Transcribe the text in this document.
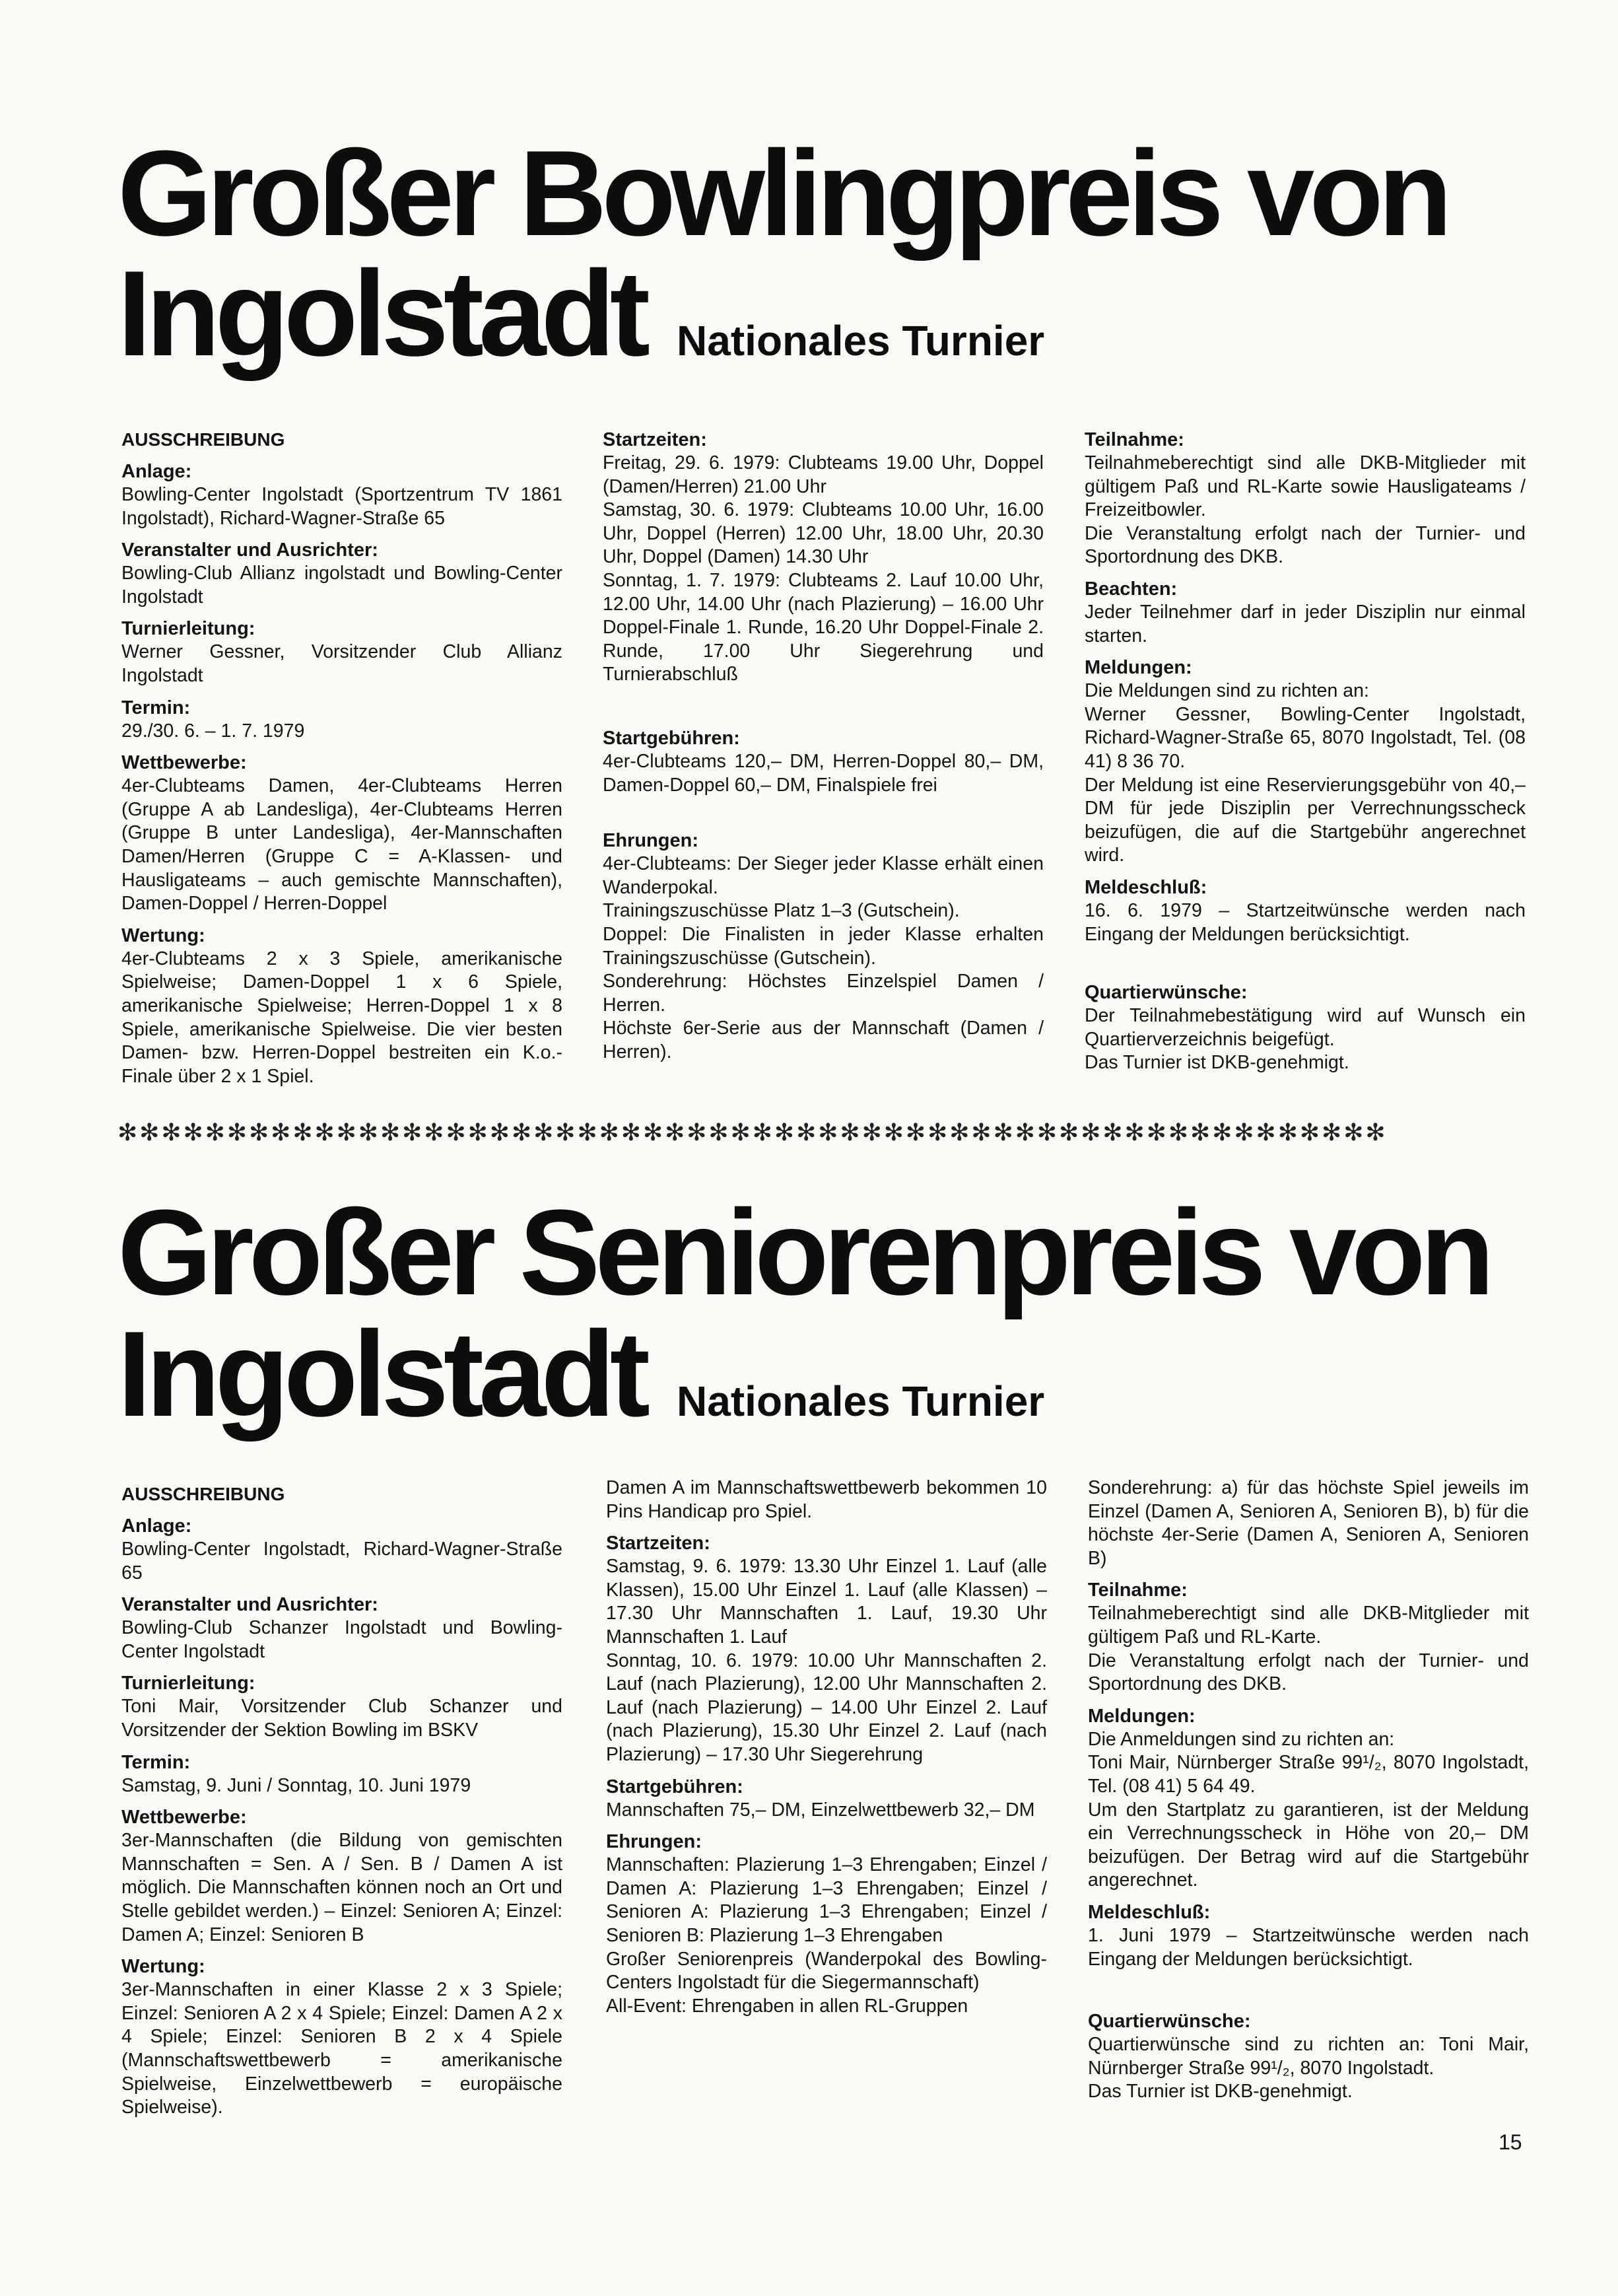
Großer Bowlingpreis von
Ingolstadt Nationales Turnier
AUSSCHREIBUNG
Anlage:

Bowling-Center Ingolstadt (Sportzentrum TV 1861 Ingolstadt), Richard-Wagner-Straße 65

Veranstalter und Ausrichter:

Bowling-Club Allianz ingolstadt und Bowling-Center Ingolstadt

Turnierleitung:

Werner Gessner, Vorsitzender Club Allianz Ingolstadt

Termin:

29./30. 6. – 1. 7. 1979

Wettbewerbe:

4er-Clubteams Damen, 4er-Clubteams Herren (Gruppe A ab Landesliga), 4er-Clubteams Herren (Gruppe B unter Landesliga), 4er-Mannschaften Damen/Herren (Gruppe C = A-Klassen- und Hausligateams – auch gemischte Mannschaften), Damen-Doppel / Herren-Doppel

Wertung:

4er-Clubteams 2 x 3 Spiele, amerikanische Spielweise; Damen-Doppel 1 x 6 Spiele, amerikanische Spielweise; Herren-Doppel 1 x 8 Spiele, amerikanische Spielweise. Die vier besten Damen- bzw. Herren-Doppel bestreiten ein K.o.-Finale über 2 x 1 Spiel.

Startzeiten:

Freitag, 29. 6. 1979: Clubteams 19.00 Uhr, Doppel (Damen/Herren) 21.00 Uhr

Samstag, 30. 6. 1979: Clubteams 10.00 Uhr, 16.00 Uhr, Doppel (Herren) 12.00 Uhr, 18.00 Uhr, 20.30 Uhr, Doppel (Damen) 14.30 Uhr

Sonntag, 1. 7. 1979: Clubteams 2. Lauf 10.00 Uhr, 12.00 Uhr, 14.00 Uhr (nach Plazierung) – 16.00 Uhr Doppel-Finale 1. Runde, 16.20 Uhr Doppel-Finale 2. Runde, 17.00 Uhr Siegerehrung und Turnierabschluß

Startgebühren:

4er-Clubteams 120,– DM, Herren-Doppel 80,– DM, Damen-Doppel 60,– DM, Finalspiele frei

Ehrungen:

4er-Clubteams: Der Sieger jeder Klasse erhält einen Wanderpokal.

Trainingszuschüsse Platz 1–3 (Gutschein).

Doppel: Die Finalisten in jeder Klasse erhalten Trainingszuschüsse (Gutschein).

Sonderehrung: Höchstes Einzelspiel Damen / Herren.

Höchste 6er-Serie aus der Mannschaft (Damen / Herren).

Teilnahme:

Teilnahmeberechtigt sind alle DKB-Mitglieder mit gültigem Paß und RL-Karte sowie Hausligateams / Freizeitbowler.

Die Veranstaltung erfolgt nach der Turnier- und Sportordnung des DKB.

Beachten:

Jeder Teilnehmer darf in jeder Disziplin nur einmal starten.

Meldungen:

Die Meldungen sind zu richten an:

Werner Gessner, Bowling-Center Ingolstadt, Richard-Wagner-Straße 65, 8070 Ingolstadt, Tel. (08 41) 8 36 70.

Der Meldung ist eine Reservierungsgebühr von 40,– DM für jede Disziplin per Verrechnungsscheck beizufügen, die auf die Startgebühr angerechnet wird.

Meldeschluß:

16. 6. 1979 – Startzeitwünsche werden nach Eingang der Meldungen berücksichtigt.

Quartierwünsche:

Der Teilnahmebestätigung wird auf Wunsch ein Quartierverzeichnis beigefügt.

Das Turnier ist DKB-genehmigt.

✻✻✻✻✻✻✻✻✻✻✻✻✻✻✻✻✻✻✻✻✻✻✻✻✻✻✻✻✻✻✻✻✻✻✻✻✻✻✻✻✻✻✻✻✻✻✻✻✻✻✻✻✻✻✻✻✻✻
Großer Seniorenpreis von
Ingolstadt Nationales Turnier
AUSSCHREIBUNG
Anlage:

Bowling-Center Ingolstadt, Richard-Wagner-Straße 65

Veranstalter und Ausrichter:

Bowling-Club Schanzer Ingolstadt und Bowling-Center Ingolstadt

Turnierleitung:

Toni Mair, Vorsitzender Club Schanzer und Vorsitzender der Sektion Bowling im BSKV

Termin:

Samstag, 9. Juni / Sonntag, 10. Juni 1979

Wettbewerbe:

3er-Mannschaften (die Bildung von gemischten Mannschaften = Sen. A / Sen. B / Damen A ist möglich. Die Mannschaften können noch an Ort und Stelle gebildet werden.) – Einzel: Senioren A; Einzel: Damen A; Einzel: Senioren B

Wertung:

3er-Mannschaften in einer Klasse 2 x 3 Spiele; Einzel: Senioren A 2 x 4 Spiele; Einzel: Damen A 2 x 4 Spiele; Einzel: Senioren B 2 x 4 Spiele (Mannschaftswettbewerb = amerikanische Spielweise, Einzelwettbewerb = europäische Spielweise).

Damen A im Mannschaftswettbewerb bekommen 10 Pins Handicap pro Spiel.

Startzeiten:

Samstag, 9. 6. 1979: 13.30 Uhr Einzel 1. Lauf (alle Klassen), 15.00 Uhr Einzel 1. Lauf (alle Klassen) – 17.30 Uhr Mannschaften 1. Lauf, 19.30 Uhr Mannschaften 1. Lauf

Sonntag, 10. 6. 1979: 10.00 Uhr Mannschaften 2. Lauf (nach Plazierung), 12.00 Uhr Mannschaften 2. Lauf (nach Plazierung) – 14.00 Uhr Einzel 2. Lauf (nach Plazierung), 15.30 Uhr Einzel 2. Lauf (nach Plazierung) – 17.30 Uhr Siegerehrung

Startgebühren:

Mannschaften 75,– DM, Einzelwettbewerb 32,– DM

Ehrungen:

Mannschaften: Plazierung 1–3 Ehrengaben; Einzel / Damen A: Plazierung 1–3 Ehrengaben; Einzel / Senioren A: Plazierung 1–3 Ehrengaben; Einzel / Senioren B: Plazierung 1–3 Ehrengaben

Großer Seniorenpreis (Wanderpokal des Bowling-Centers Ingolstadt für die Siegermannschaft)

All-Event: Ehrengaben in allen RL-Gruppen

Sonderehrung: a) für das höchste Spiel jeweils im Einzel (Damen A, Senioren A, Senioren B), b) für die höchste 4er-Serie (Damen A, Senioren A, Senioren B)

Teilnahme:

Teilnahmeberechtigt sind alle DKB-Mitglieder mit gültigem Paß und RL-Karte.

Die Veranstaltung erfolgt nach der Turnier- und Sportordnung des DKB.

Meldungen:

Die Anmeldungen sind zu richten an:

Toni Mair, Nürnberger Straße 99¹/₂, 8070 Ingolstadt, Tel. (08 41) 5 64 49.

Um den Startplatz zu garantieren, ist der Meldung ein Verrechnungsscheck in Höhe von 20,– DM beizufügen. Der Betrag wird auf die Startgebühr angerechnet.

Meldeschluß:

1. Juni 1979 – Startzeitwünsche werden nach Eingang der Meldungen berücksichtigt.

Quartierwünsche:

Quartierwünsche sind zu richten an: Toni Mair, Nürnberger Straße 99¹/₂, 8070 Ingolstadt.

Das Turnier ist DKB-genehmigt.

15
